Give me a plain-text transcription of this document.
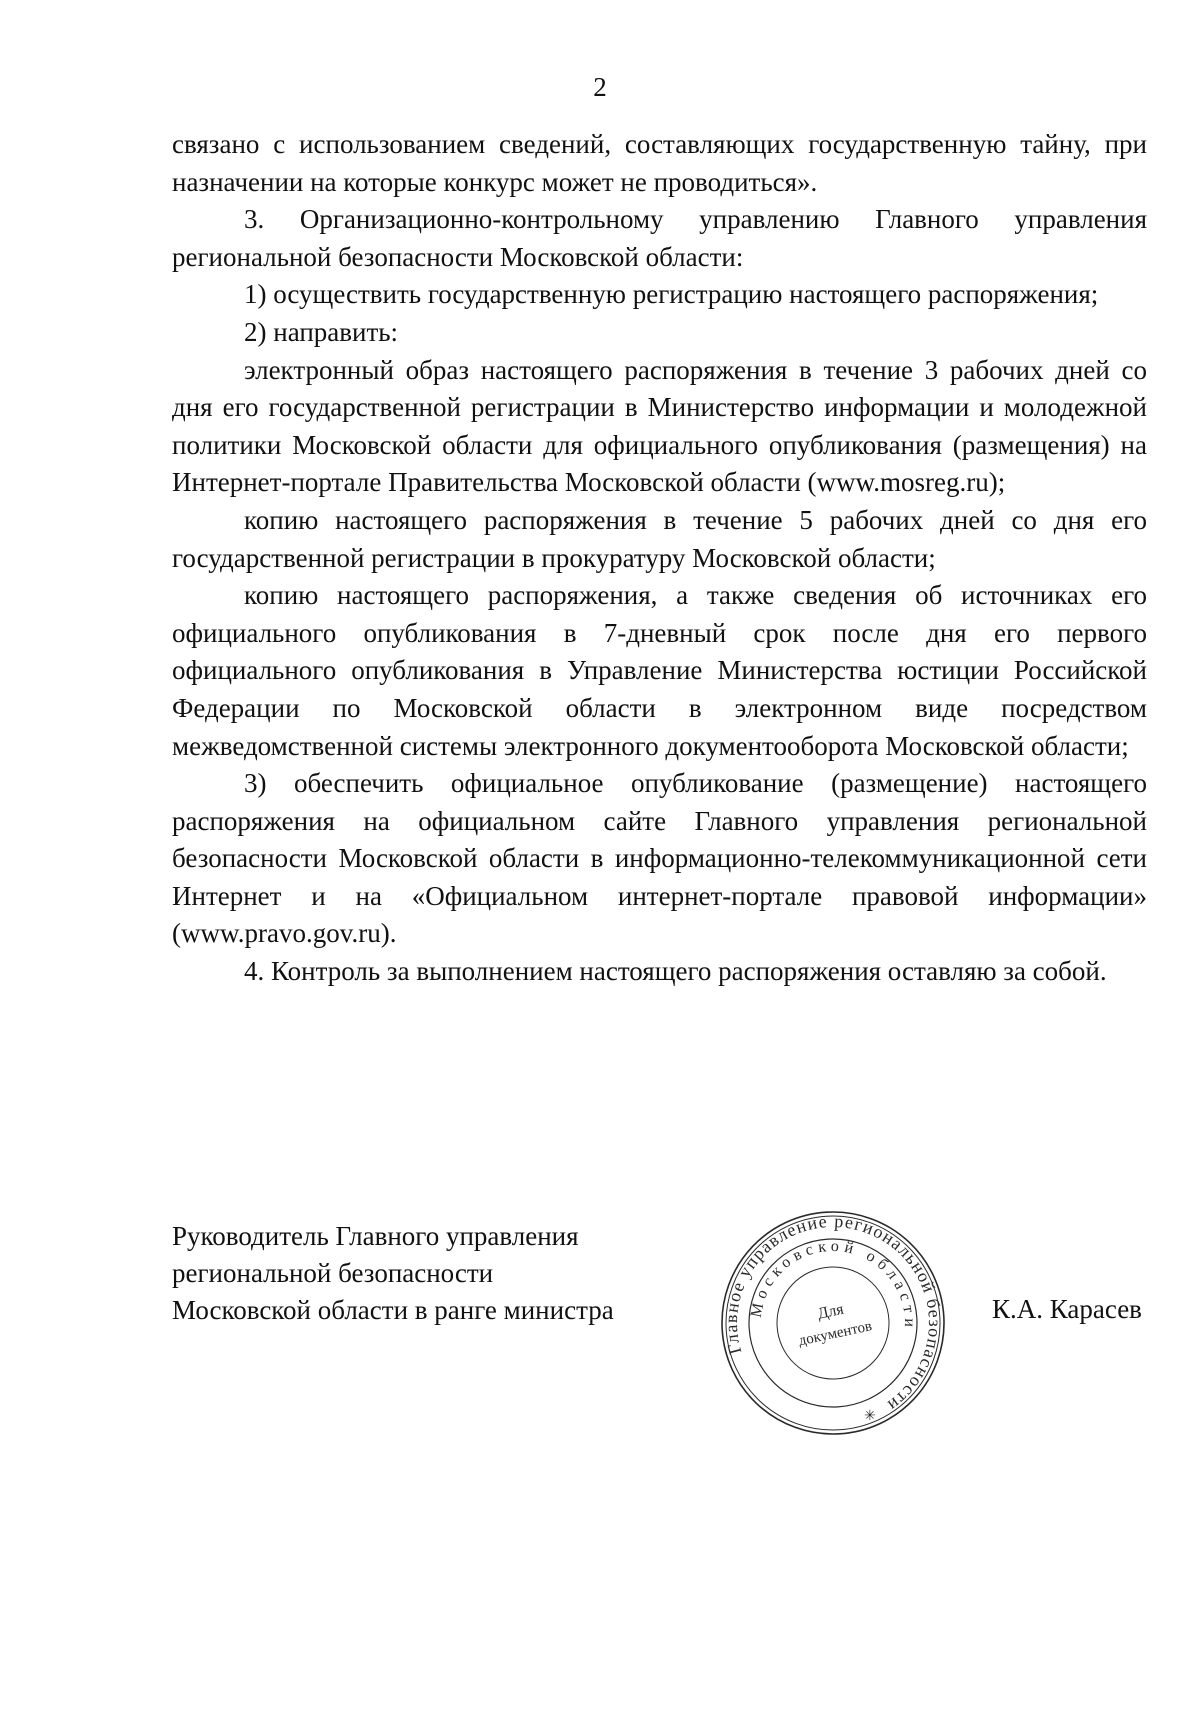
2

связано с использованием сведений, составляющих государственную тайну, при назначении на которые конкурс может не проводиться».

3. Организационно-контрольному управлению Главного управления региональной безопасности Московской области:

1) осуществить государственную регистрацию настоящего распоряжения;

2) направить:

электронный образ настоящего распоряжения в течение 3 рабочих дней со дня его государственной регистрации в Министерство информации и молодежной политики Московской области для официального опубликования (размещения) на Интернет-портале Правительства Московской области (www.mosreg.ru);

копию настоящего распоряжения в течение 5 рабочих дней со дня его государственной регистрации в прокуратуру Московской области;

копию настоящего распоряжения, а также сведения об источниках его официального опубликования в 7-дневный срок после дня его первого официального опубликования в Управление Министерства юстиции Российской Федерации по Московской области в электронном виде посредством межведомственной системы электронного документооборота Московской области;

3) обеспечить официальное опубликование (размещение) настоящего распоряжения на официальном сайте Главного управления региональной безопасности Московской области в информационно-телекоммуникационной сети Интернет и на «Официальном интернет-портале правовой информации» (www.pravo.gov.ru).

4. Контроль за выполнением настоящего распоряжения оставляю за собой.

Руководитель Главного управления
региональной безопасности
Московской области в ранге министра
Главное управление региональной безопасности
Московской области
Для
документов
✳
К.А. Карасев
